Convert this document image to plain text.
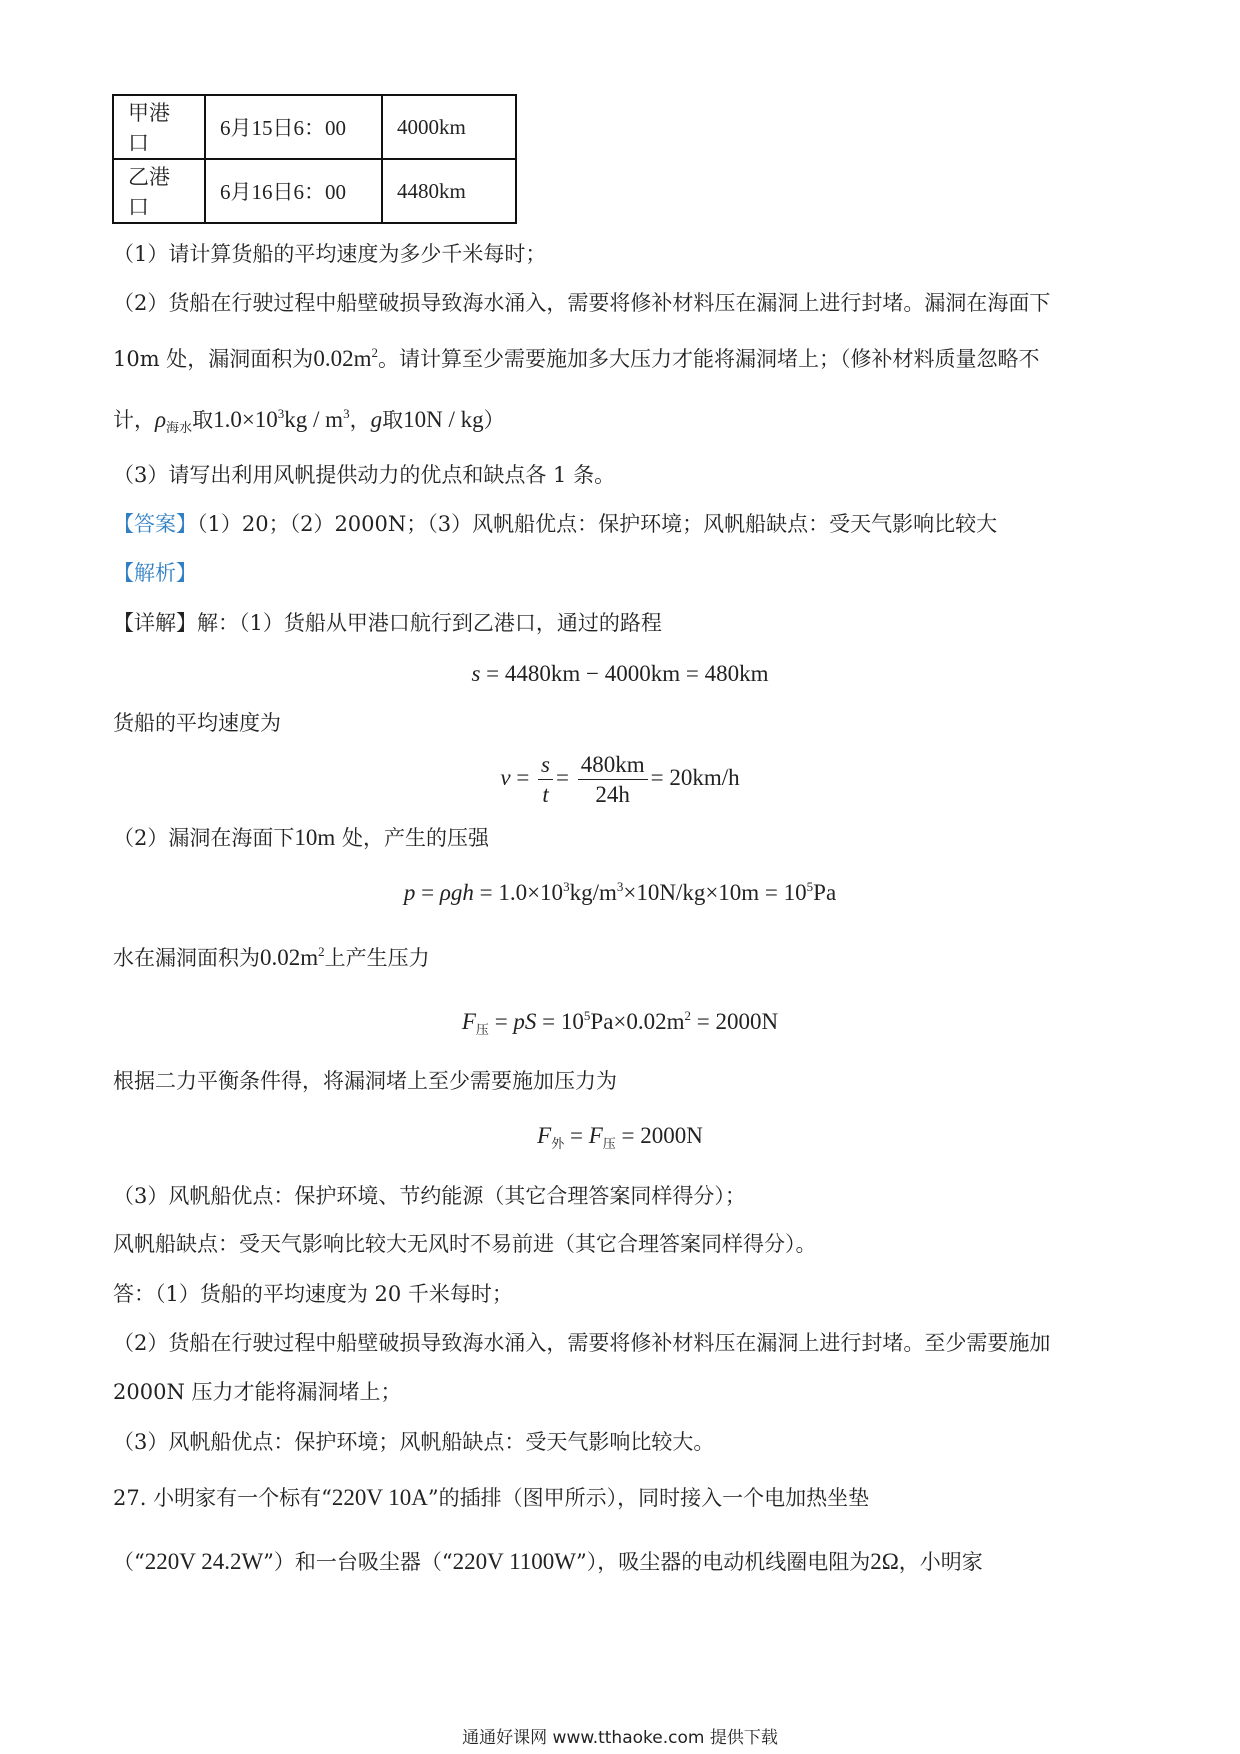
甲港口	6月15日6：00	4000km
乙港口	6月16日6：00	4480km
（1）请计算货船的平均速度为多少千米每时；
（2）货船在行驶过程中船壁破损导致海水涌入，需要将修补材料压在漏洞上进行封堵。漏洞在海面下
10m 处，漏洞面积为$0.02m^2$。请计算至少需要施加多大压力才能将漏洞堵上；（修补材料质量忽略不
计，$\rho_{海水}$取$1.0\times 10^3kg / m^3$，g取10N / kg）
（3）请写出利用风帆提供动力的优点和缺点各 1 条。
【答案】（1）20；（2）2000N；（3）风帆船优点：保护环境；风帆船缺点：受天气影响比较大
【解析】
【详解】解：（1）货船从甲港口航行到乙港口，通过的路程
s = 4480km − 4000km = 480km
货船的平均速度为
$v = \frac{s}{t} = \frac{480km}{24h} = 20km/h$
（2）漏洞在海面下10m 处，产生的压强
$p = \rho gh = 1.0\times 10^3kg/m^3\times 10N/kg\times 10m = 10^5Pa$
水在漏洞面积为$0.02m^2$上产生压力
$F_压$ = pS = $10^5Pa\times 0.02m^2 = 2000N$
根据二力平衡条件得，将漏洞堵上至少需要施加压力为
$F_外 = F_压 = 2000N$
（3）风帆船优点：保护环境、节约能源（其它合理答案同样得分）；
风帆船缺点：受天气影响比较大无风时不易前进（其它合理答案同样得分）。
答：（1）货船的平均速度为 20 千米每时；
（2）货船在行驶过程中船壁破损导致海水涌入，需要将修补材料压在漏洞上进行封堵。至少需要施加
2000N 压力才能将漏洞堵上；
（3）风帆船优点：保护环境；风帆船缺点：受天气影响比较大。
27. 小明家有一个标有“220V 10A”的插排（图甲所示），同时接入一个电加热坐垫
（“220V 24.2W”）和一台吸尘器（“220V 1100W”），吸尘器的电动机线圈电阻为2Ω，小明家
通通好课网 www.tthaoke.com 提供下载
